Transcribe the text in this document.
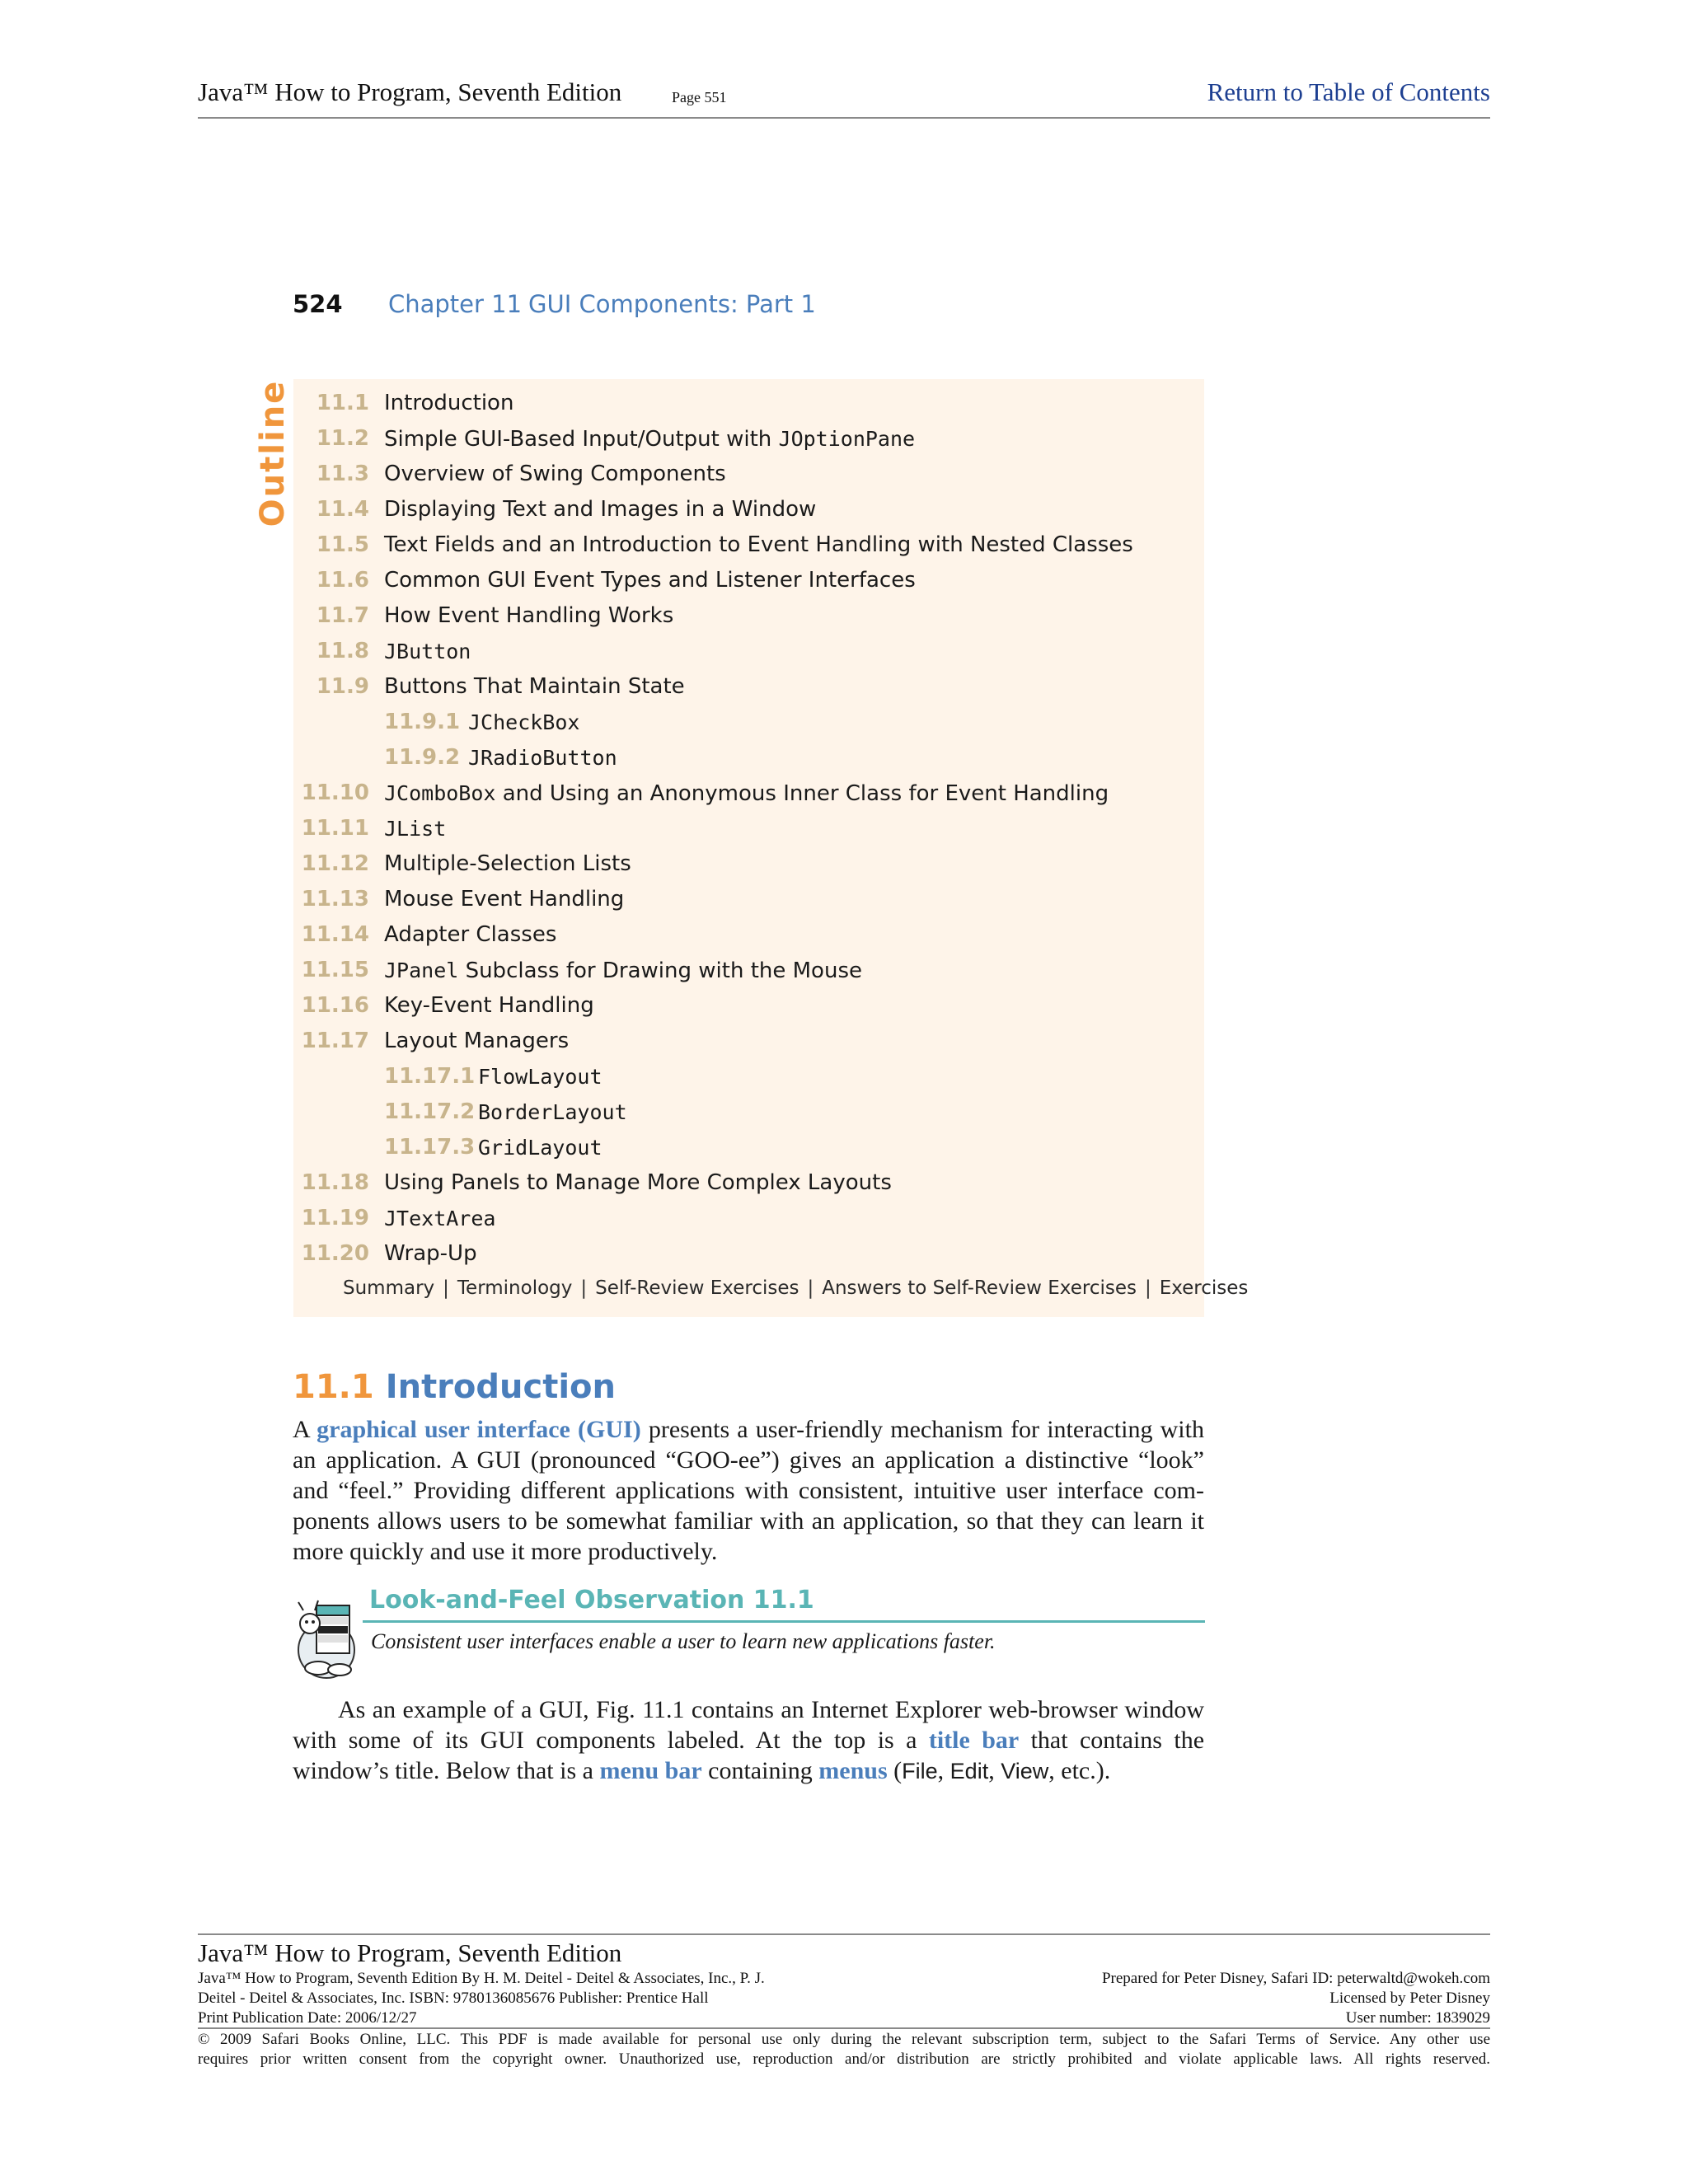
Java™ How to Program, Seventh Edition	Page 551	Return to Table of Contents
524 Chapter 11 GUI Components: Part 1
Outline	11.1 Introduction
11.2 Simple GUI-Based Input/Output with JOptionPane
11.3 Overview of Swing Components
11.4 Displaying Text and Images in a Window
11.5 Text Fields and an Introduction to Event Handling with Nested Classes
11.6 Common GUI Event Types and Listener Interfaces
11.7 How Event Handling Works
11.8 JButton
11.9 Buttons That Maintain State
11.9.1 JCheckBox
11.9.2 JRadioButton
11.10 JComboBox and Using an Anonymous Inner Class for Event Handling
11.11 JList
11.12 Multiple-Selection Lists
11.13 Mouse Event Handling
11.14 Adapter Classes
11.15 JPanel Subclass for Drawing with the Mouse
11.16 Key-Event Handling
11.17 Layout Managers
11.17.1 FlowLayout
11.17.2 BorderLayout
11.17.3 GridLayout
11.18 Using Panels to Manage More Complex Layouts
11.19 JTextArea
11.20 Wrap-Up
Summary | Terminology | Self-Review Exercises | Answers to Self-Review Exercises | Exercises
11.1 Introduction

A graphical user interface (GUI) presents a user-friendly mechanism for interacting with an application. A GUI (pronounced “GOO-ee”) gives an application a distinctive “look” and “feel.” Providing different applications with consistent, intuitive user interface com-ponents allows users to be somewhat familiar with an application, so that they can learn it more quickly and use it more productively.

Look-and-Feel Observation 11.1
Consistent user interfaces enable a user to learn new applications faster.

As an example of a GUI, Fig. 11.1 contains an Internet Explorer web-browser window with some of its GUI components labeled. At the top is a title bar that contains the window’s title. Below that is a menu bar containing menus (File, Edit, View, etc.).

Java™ How to Program, Seventh Edition
Java™ How to Program, Seventh Edition By H. M. Deitel - Deitel & Associates, Inc., P. J.	Prepared for Peter Disney, Safari ID: peterwaltd@wokeh.com
Deitel - Deitel & Associates, Inc. ISBN: 9780136085676 Publisher: Prentice Hall	Licensed by Peter Disney
Print Publication Date: 2006/12/27	User number: 1839029
© 2009 Safari Books Online, LLC. This PDF is made available for personal use only during the relevant subscription term, subject to the Safari Terms of Service. Any other use
requires prior written consent from the copyright owner. Unauthorized use, reproduction and/or distribution are strictly prohibited and violate applicable laws. All rights reserved.
